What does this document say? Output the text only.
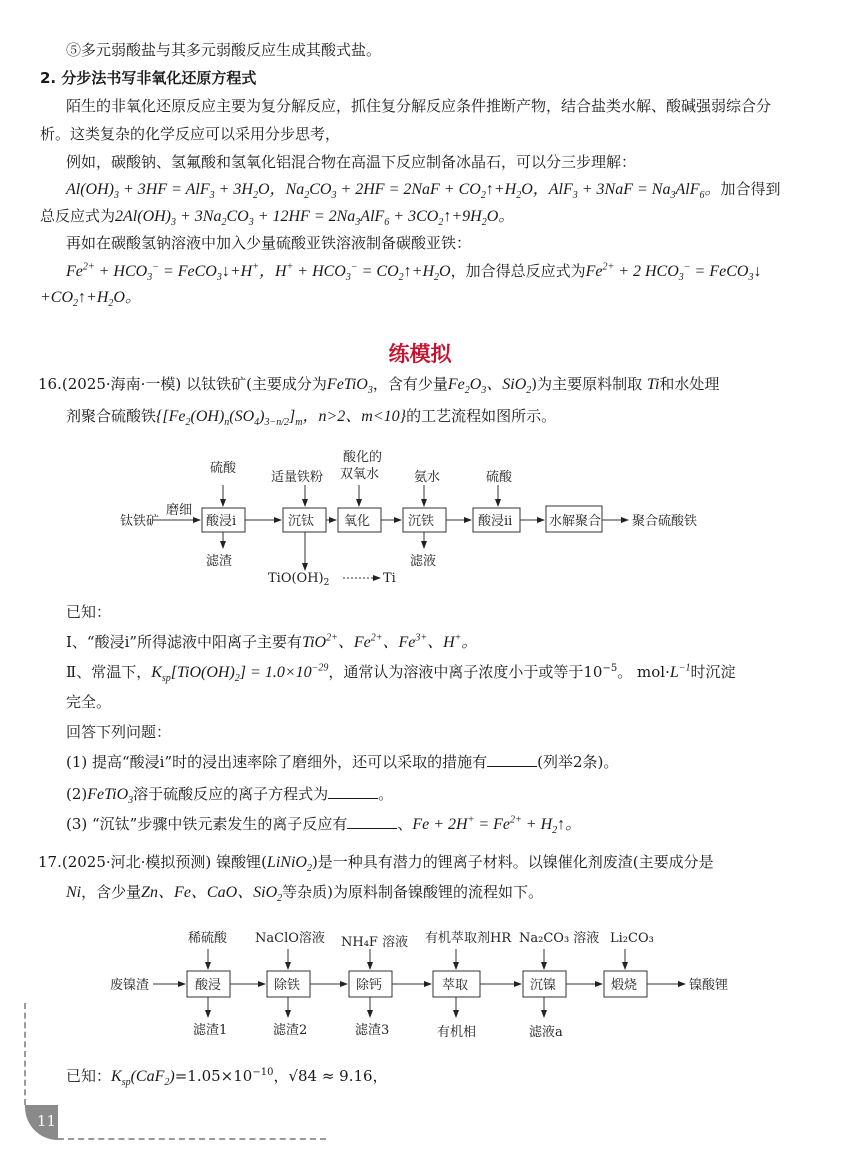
⑤多元弱酸盐与其多元弱酸反应生成其酸式盐。
2. 分步法书写非氧化还原方程式
陌生的非氧化还原反应主要为复分解反应，抓住复分解反应条件推断产物，结合盐类水解、酸碱强弱综合分
析。这类复杂的化学反应可以采用分步思考，
例如，碳酸钠、氢氟酸和氢氧化铝混合物在高温下反应制备冰晶石，可以分三步理解：
$Al(OH)_3 + 3HF = AlF_3 + 3H_2O$，$Na_2CO_3 + 2HF = 2NaF$ + $CO_2↑+H_2O$，$AlF_3 + 3NaF = Na_3AlF_6$。加合得到
总反应式为$2Al(OH)_3 + 3Na_2CO_3 + 12HF = 2Na_3AlF_6$ + $3CO_2↑+9H_2O$。
再如在碳酸氢钠溶液中加入少量硫酸亚铁溶液制备碳酸亚铁：
$Fe^{2+} + HCO_3^-$ = FeCO$_3$↓+H+，$H^+ + HCO_3^-$ = $CO_2↑+H_2O$，加合得总反应式为$Fe^{2+} + 2$ $HCO_3^-$ = FeCO$_3$↓
$+CO_2↑+H_2O$。
练模拟
16.(2025·海南·一模) 以钛铁矿(主要成分为FeTiO$_3$，含有少量$Fe_2O_3$、SiO$_2$)为主要原料制取 Ti和水处理
剂聚合硫酸铁{$[Fe_2(OH)_n(SO_4)_{3-n/2}]_m$，n>2、m<10}的工艺流程如图所示。
钛铁矿
磨细
酸浸i	沉钛 氧化	沉铁	酸浸ii	水解聚合
硫酸
适量铁粉
酸化的
双氧水	氨水	硫酸
滤渣
$TiO(OH)_2$	Ti
滤液
聚合硫酸铁
已知：
Ⅰ、“酸浸i”所得滤液中阳离子主要有TiO$^{2+}$、$Fe^{2+}$、$Fe^{3+}$、H+。
Ⅱ、常温下，$K_{sp}[TiO(OH)_2] = 1.0\times 10^{-29}$，通常认为溶液中离子浓度小于或等于$10^{-5}$。 $mol\cdot L^{-1}$时沉淀
完全。
回答下列问题：
(1) 提高“酸浸i”时的浸出速率除了磨细外，还可以采取的措施有	(列举2条)。
(2)FeTiO$_3$溶于硫酸反应的离子方程式为	。
(3) “沉钛”步骤中铁元素发生的离子反应有	、$Fe + 2H^+ = Fe^{2+}$ + $H_2↑$。
17.(2025·河北·模拟预测) 镍酸锂(LiNiO$_2$)是一种具有潜力的锂离子材料。以镍催化剂废渣(主要成分是
Ni，含少量Zn、Fe、CaO、SiO$_2$等杂质)为原料制备镍酸锂的流程如下。
废镍渣	酸浸	除铁	除钙	萃取	沉镍	煅烧
稀硫酸 NaClO溶液 NH₄F 溶液 有机萃取剂HR Na₂CO₃ 溶液 Li₂CO₃
滤渣1	滤渣2	滤渣3	有机相	滤液a
镍酸锂
已知：$K_{sp}(CaF_2)=1.05\times 10^{-10}$，√84 ≈ 9.16，
11
